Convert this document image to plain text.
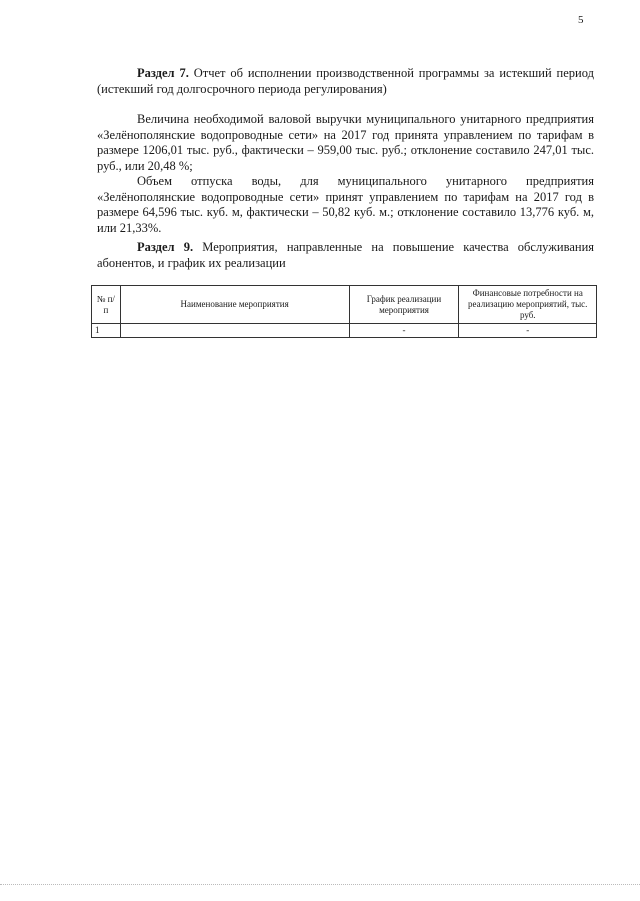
5
Раздел 7. Отчет об исполнении производственной программы за истекший период (истекший год долгосрочного периода регулирования)

Величина необходимой валовой выручки муниципального унитарного предприятия «Зелёнополянские водопроводные сети» на 2017 год принята управлением по тарифам в размере 1206,01 тыс. руб., фактически – 959,00 тыс. руб.; отклонение составило 247,01 тыс. руб., или 20,48 %;

Объем отпуска воды, для муниципального унитарного предприятия «Зелёнополянские водопроводные сети» принят управлением по тарифам на 2017 год в размере 64,596 тыс. куб. м, фактически – 50,82 куб. м.; отклонение составило 13,776 куб. м, или 21,33%.

Раздел 9. Мероприятия, направленные на повышение качества обслуживания абонентов, и график их реализации
№ п/п	Наименование мероприятия	График реализации мероприятия	Финансовые потребности на реализацию мероприятий, тыс. руб.
1		-	-
